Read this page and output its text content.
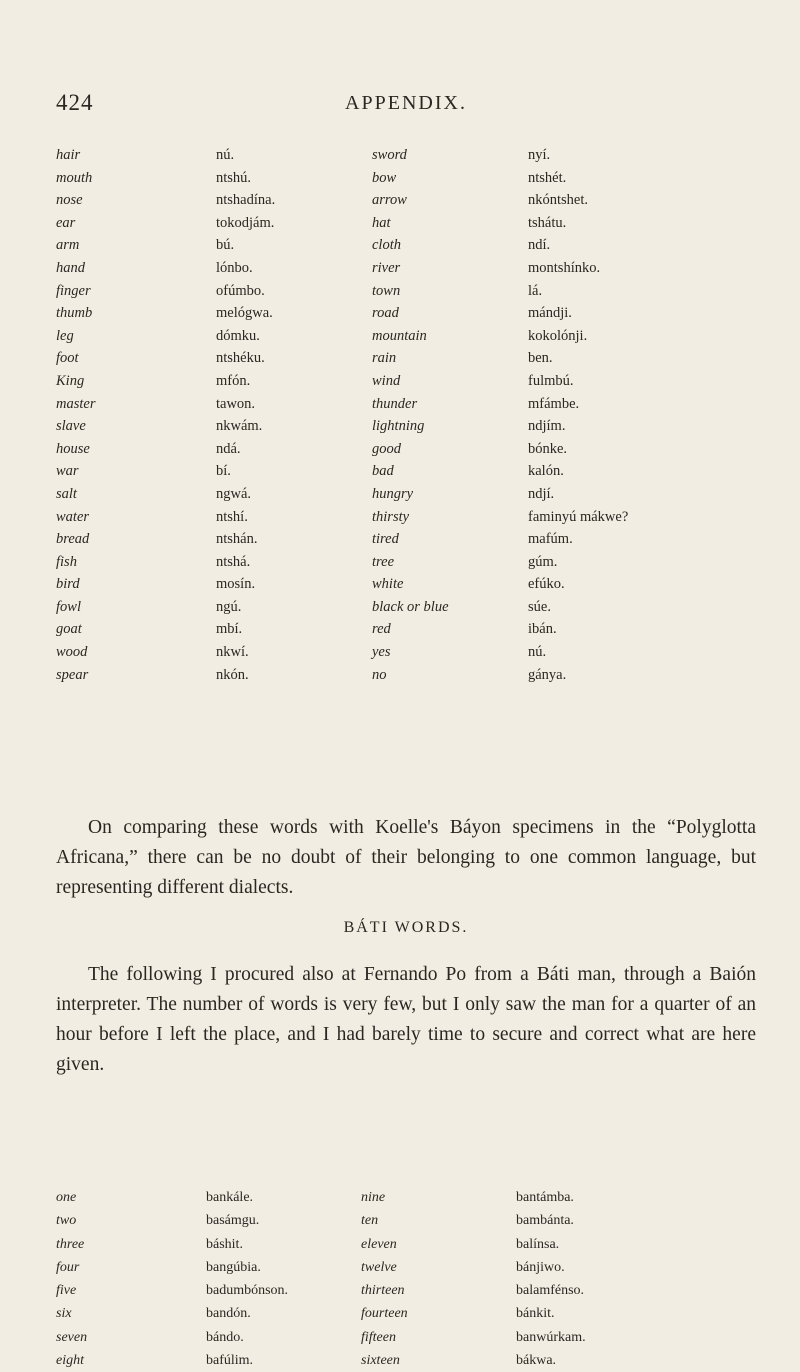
424	APPENDIX.
hair	nú.	sword	nyí.
mouth	ntshú.	bow	ntshét.
nose	ntshadína.	arrow	nkóntshet.
ear	tokodjám.	hat	tshátu.
arm	bú.	cloth	ndí.
hand	lónbo.	river	montshínko.
finger	ofúmbo.	town	lá.
thumb	melógwa.	road	mándji.
leg	dómku.	mountain	kokolónji.
foot	ntshéku.	rain	ben.
King	mfón.	wind	fulmbú.
master	tawon.	thunder	mfámbe.
slave	nkwám.	lightning	ndjím.
house	ndá.	good	bónke.
war	bí.	bad	kalón.
salt	ngwá.	hungry	ndjí.
water	ntshí.	thirsty	faminyú mákwe?
bread	ntshán.	tired	mafúm.
fish	ntshá.	tree	gúm.
bird	mosín.	white	efúko.
fowl	ngú.	black or blue	súe.
goat	mbí.	red	ibán.
wood	nkwí.	yes	nú.
spear	nkón.	no	gánya.

On comparing these words with Koelle's Báyon specimens in the “Polyglotta Africana,” there can be no doubt of their belonging to one common language, but representing different dialects.

BÁTI WORDS.

The following I procured also at Fernando Po from a Báti man, through a Baión interpreter. The number of words is very few, but I only saw the man for a quarter of an hour before I left the place, and I had barely time to secure and correct what are here given.

one	bankále.	nine	bantámba.
two	basámgu.	ten	bambánta.
three	báshit.	eleven	balínsa.
four	bangúbia.	twelve	bánjiwo.
five	badumbónson.	thirteen	balamfénso.
six	bandón.	fourteen	bánkit.
seven	bándo.	fifteen	banwúrkam.
eight	bafúlim.	sixteen	bákwa.
